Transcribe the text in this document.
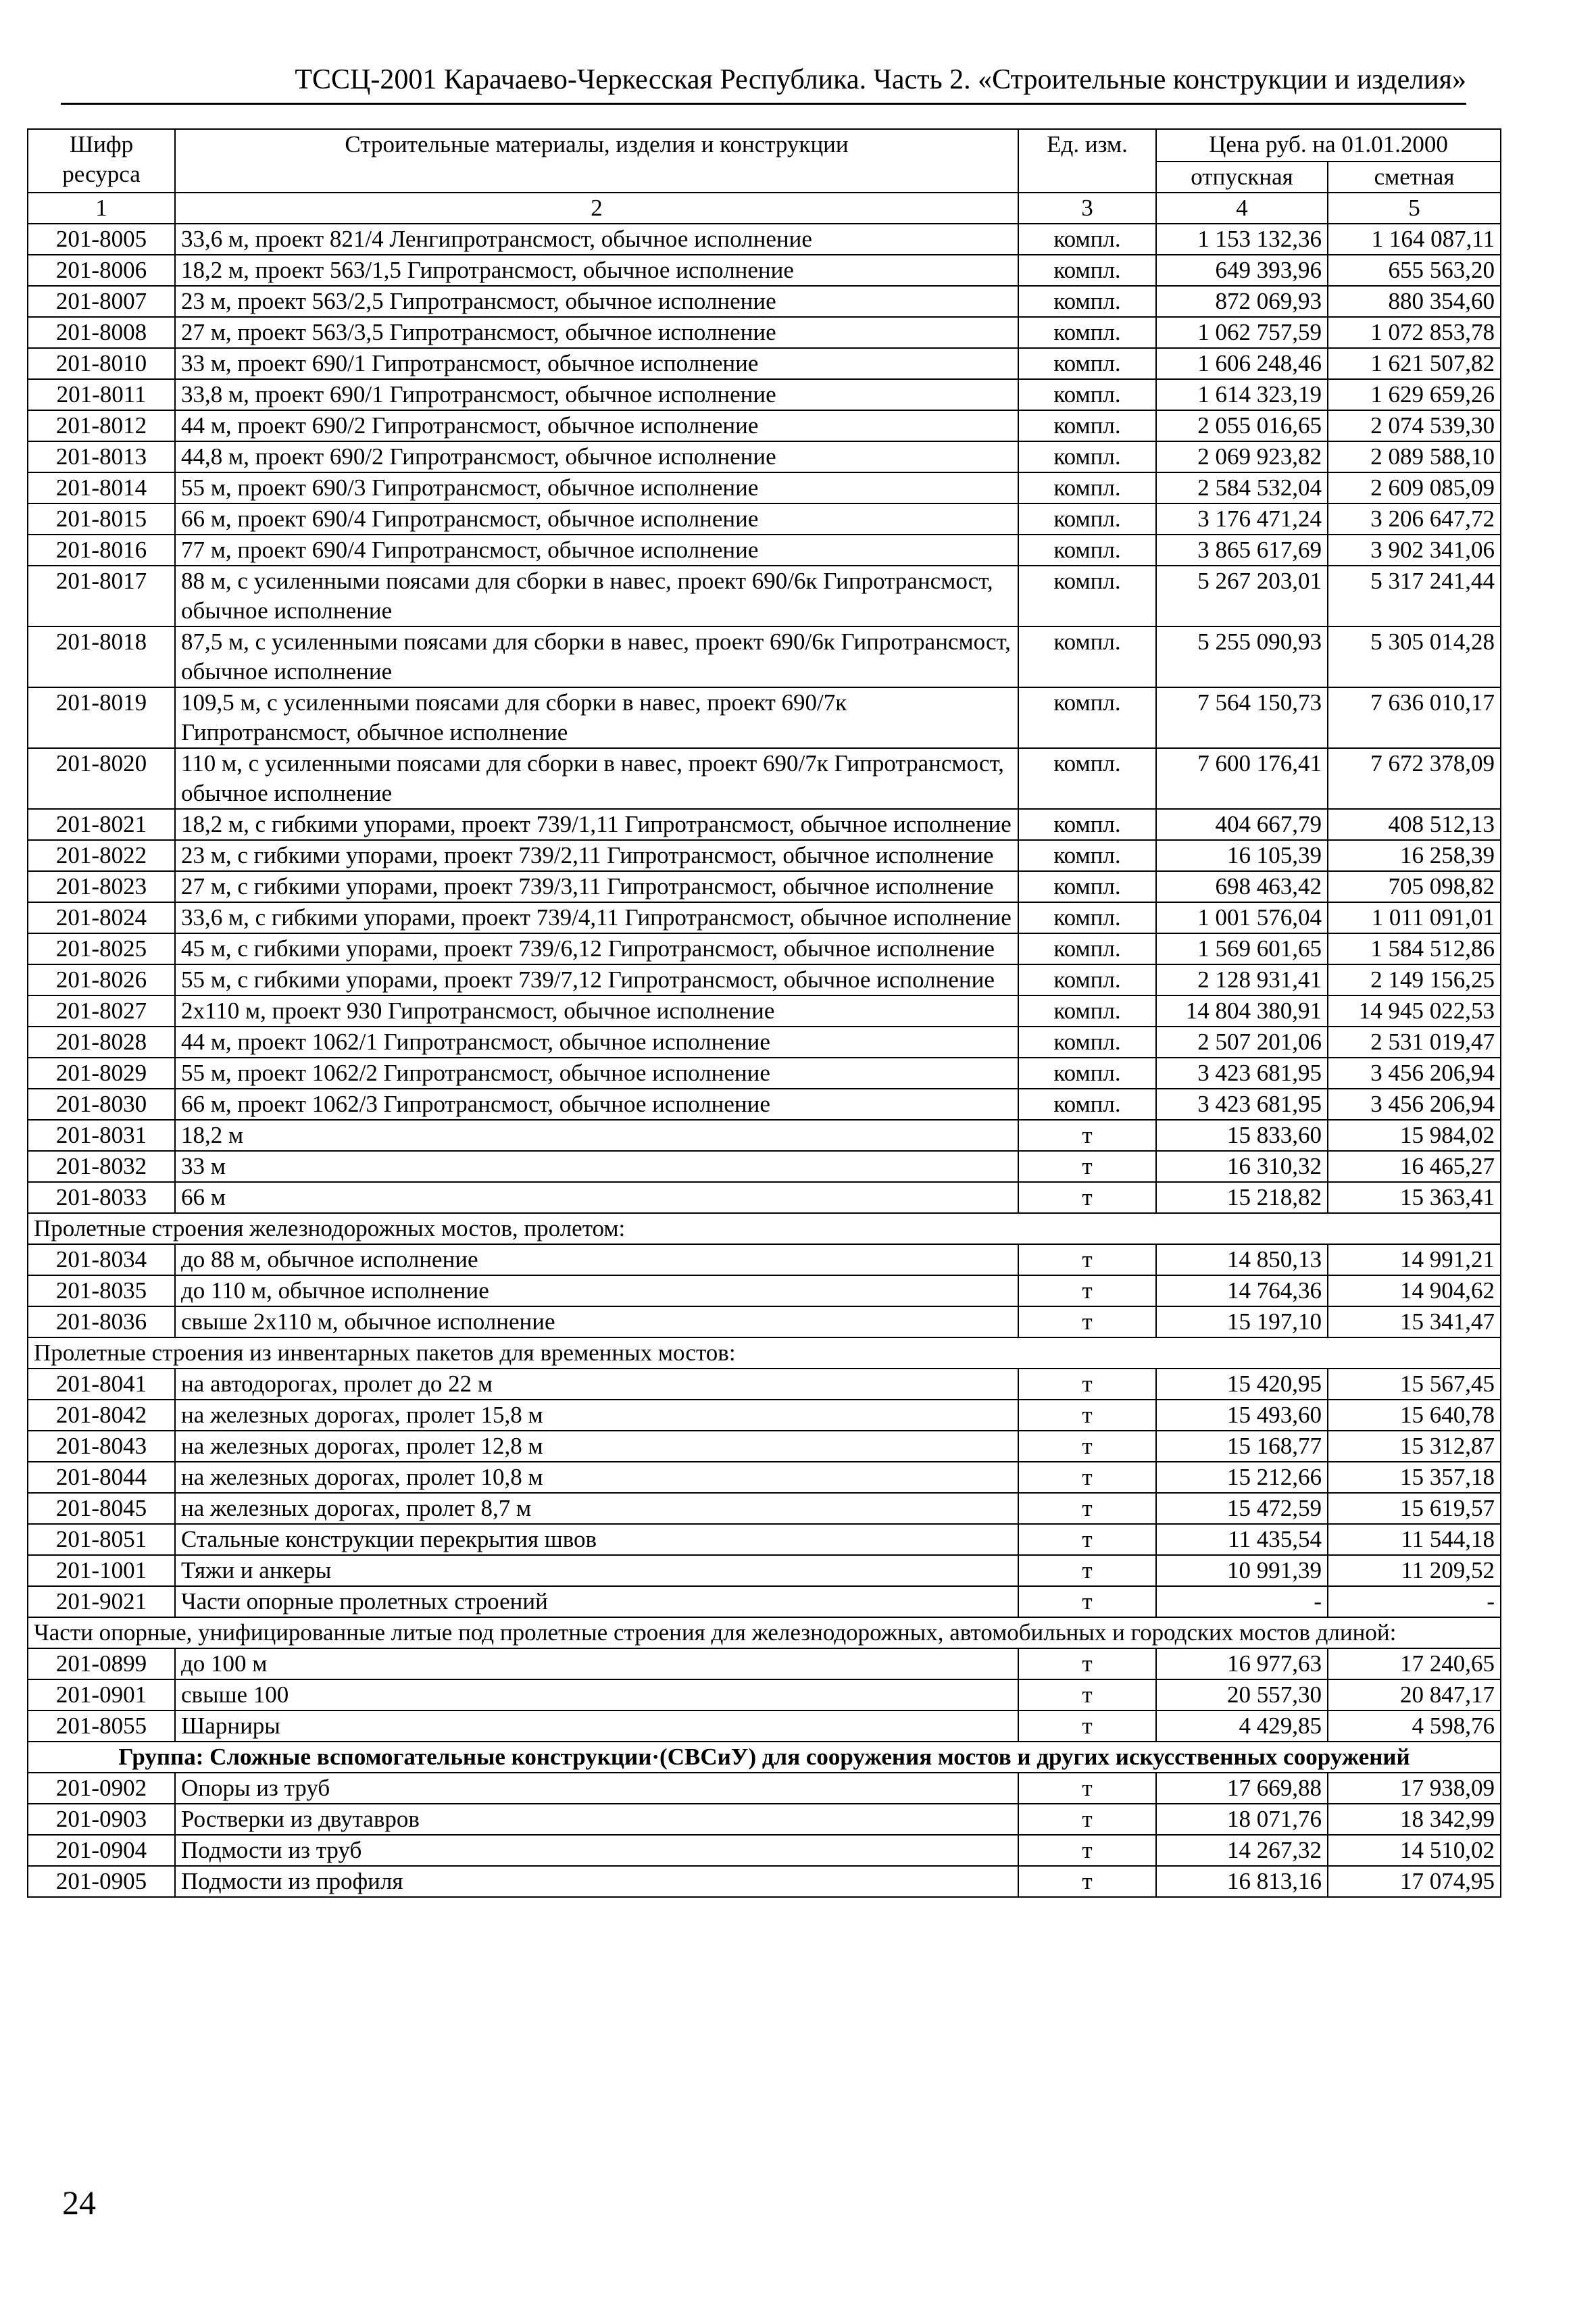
ТССЦ-2001 Карачаево-Черкесская Республика. Часть 2. «Строительные конструкции и изделия»
Шифр ресурса	Строительные материалы, изделия и конструкции	Ед. изм.	Цена руб. на 01.01.2000	
			отпускная	сметная
1	2	3	4	5
201-8005	33,6 м, проект 821/4 Ленгипротрансмост, обычное исполнение	компл.	1 153 132,36	1 164 087,11
201-8006	18,2 м, проект 563/1,5 Гипротрансмост, обычное исполнение	компл.	649 393,96	655 563,20
201-8007	23 м, проект 563/2,5 Гипротрансмост, обычное исполнение	компл.	872 069,93	880 354,60
201-8008	27 м, проект 563/3,5 Гипротрансмост, обычное исполнение	компл.	1 062 757,59	1 072 853,78
201-8010	33 м, проект 690/1 Гипротрансмост, обычное исполнение	компл.	1 606 248,46	1 621 507,82
201-8011	33,8 м, проект 690/1 Гипротрансмост, обычное исполнение	компл.	1 614 323,19	1 629 659,26
201-8012	44 м, проект 690/2 Гипротрансмост, обычное исполнение	компл.	2 055 016,65	2 074 539,30
201-8013	44,8 м, проект 690/2 Гипротрансмост, обычное исполнение	компл.	2 069 923,82	2 089 588,10
201-8014	55 м, проект 690/3 Гипротрансмост, обычное исполнение	компл.	2 584 532,04	2 609 085,09
201-8015	66 м, проект 690/4 Гипротрансмост, обычное исполнение	компл.	3 176 471,24	3 206 647,72
201-8016	77 м, проект 690/4 Гипротрансмост, обычное исполнение	компл.	3 865 617,69	3 902 341,06
201-8017	88 м, с усиленными поясами для сборки в навес, проект 690/6к Гипротрансмост, обычное исполнение	компл.	5 267 203,01	5 317 241,44
201-8018	87,5 м, с усиленными поясами для сборки в навес, проект 690/6к Гипротрансмост, обычное исполнение	компл.	5 255 090,93	5 305 014,28
201-8019	109,5 м, с усиленными поясами для сборки в навес, проект 690/7к Гипротрансмост, обычное исполнение	компл.	7 564 150,73	7 636 010,17
201-8020	110 м, с усиленными поясами для сборки в навес, проект 690/7к Гипротрансмост, обычное исполнение	компл.	7 600 176,41	7 672 378,09
201-8021	18,2 м, с гибкими упорами, проект 739/1,11 Гипротрансмост, обычное исполнение	компл.	404 667,79	408 512,13
201-8022	23 м, с гибкими упорами, проект 739/2,11 Гипротрансмост, обычное исполнение	компл.	16 105,39	16 258,39
201-8023	27 м, с гибкими упорами, проект 739/3,11 Гипротрансмост, обычное исполнение	компл.	698 463,42	705 098,82
201-8024	33,6 м, с гибкими упорами, проект 739/4,11 Гипротрансмост, обычное исполнение	компл.	1 001 576,04	1 011 091,01
201-8025	45 м, с гибкими упорами, проект 739/6,12 Гипротрансмост, обычное исполнение	компл.	1 569 601,65	1 584 512,86
201-8026	55 м, с гибкими упорами, проект 739/7,12 Гипротрансмост, обычное исполнение	компл.	2 128 931,41	2 149 156,25
201-8027	2х110 м, проект 930 Гипротрансмост, обычное исполнение	компл.	14 804 380,91	14 945 022,53
201-8028	44 м, проект 1062/1 Гипротрансмост, обычное исполнение	компл.	2 507 201,06	2 531 019,47
201-8029	55 м, проект 1062/2 Гипротрансмост, обычное исполнение	компл.	3 423 681,95	3 456 206,94
201-8030	66 м, проект 1062/3 Гипротрансмост, обычное исполнение	компл.	3 423 681,95	3 456 206,94
201-8031	18,2 м	т	15 833,60	15 984,02
201-8032	33 м	т	16 310,32	16 465,27
201-8033	66 м	т	15 218,82	15 363,41
Пролетные строения железнодорожных мостов, пролетом:				
201-8034	до 88 м, обычное исполнение	т	14 850,13	14 991,21
201-8035	до 110 м, обычное исполнение	т	14 764,36	14 904,62
201-8036	свыше 2х110 м, обычное исполнение	т	15 197,10	15 341,47
Пролетные строения из инвентарных пакетов для временных мостов:				
201-8041	на автодорогах, пролет до 22 м	т	15 420,95	15 567,45
201-8042	на железных дорогах, пролет 15,8 м	т	15 493,60	15 640,78
201-8043	на железных дорогах, пролет 12,8 м	т	15 168,77	15 312,87
201-8044	на железных дорогах, пролет 10,8 м	т	15 212,66	15 357,18
201-8045	на железных дорогах, пролет 8,7 м	т	15 472,59	15 619,57
201-8051	Стальные конструкции перекрытия швов	т	11 435,54	11 544,18
201-1001	Тяжи и анкеры	т	10 991,39	11 209,52
201-9021	Части опорные пролетных строений	т	-	-
Части опорные, унифицированные литые под пролетные строения для железнодорожных, автомобильных и городских мостов длиной:				
201-0899	до 100 м	т	16 977,63	17 240,65
201-0901	свыше 100	т	20 557,30	20 847,17
201-8055	Шарниры	т	4 429,85	4 598,76
Группа: Сложные вспомогательные конструкции·(СВСиУ) для сооружения мостов и других искусственных сооружений				
201-0902	Опоры из труб	т	17 669,88	17 938,09
201-0903	Ростверки из двутавров	т	18 071,76	18 342,99
201-0904	Подмости из труб	т	14 267,32	14 510,02
201-0905	Подмости из профиля	т	16 813,16	17 074,95
24
